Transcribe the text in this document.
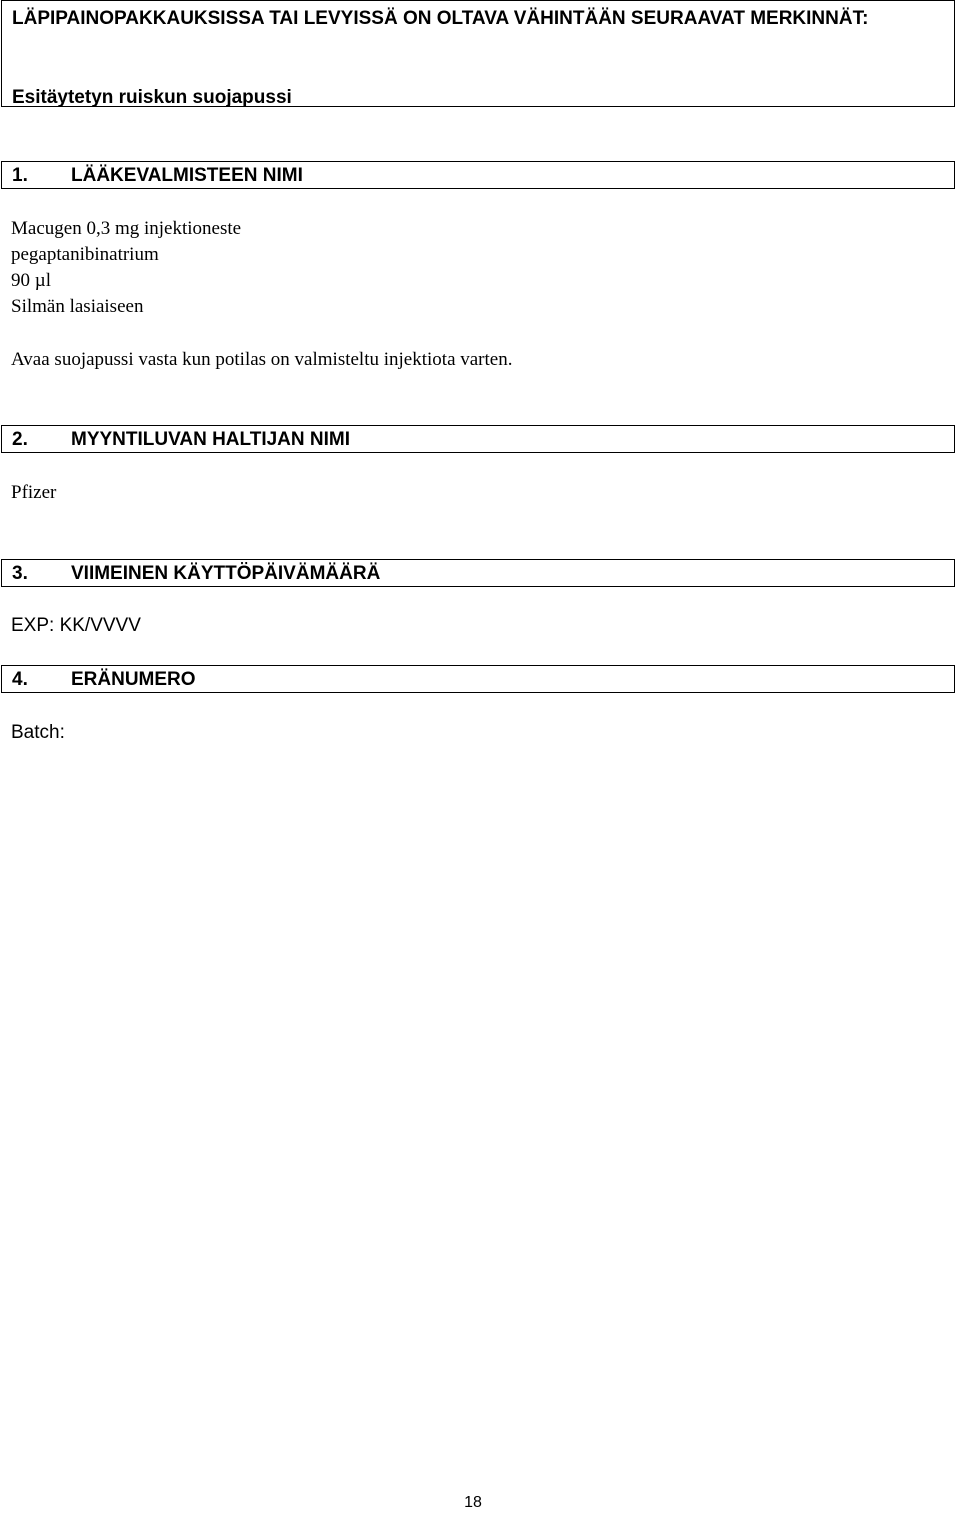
LÄPIPAINOPAKKAUKSISSA TAI LEVYISSÄ ON OLTAVA VÄHINTÄÄN SEURAAVAT MERKINNÄT:
Esitäytetyn ruiskun suojapussi
1. LÄÄKEVALMISTEEN NIMI
Macugen 0,3 mg injektioneste
pegaptanibinatrium
90 µl
Silmän lasiaiseen
Avaa suojapussi vasta kun potilas on valmisteltu injektiota varten.
2. MYYNTILUVAN HALTIJAN NIMI
Pfizer
3. VIIMEINEN KÄYTTÖPÄIVÄMÄÄRÄ
EXP: KK/VVVV
4. ERÄNUMERO
Batch:
18
